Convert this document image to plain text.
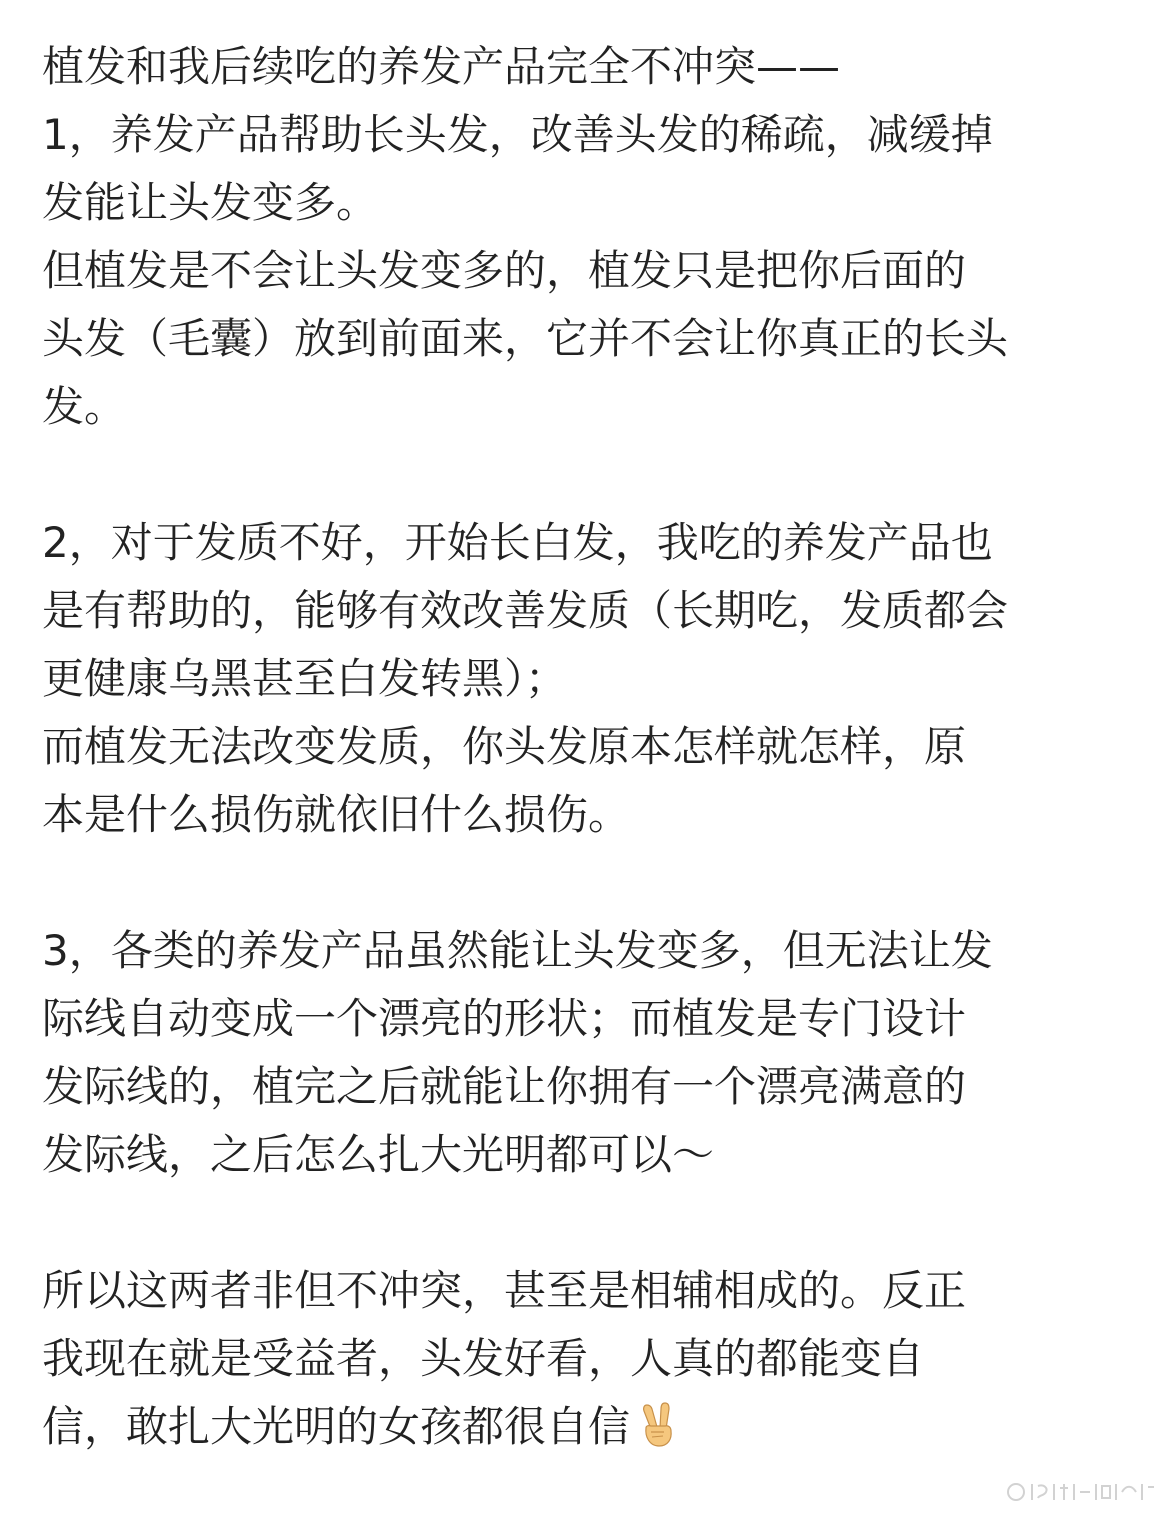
植发和我后续吃的养发产品完全不冲突——
1，养发产品帮助长头发，改善头发的稀疏，减缓掉
发能让头发变多。
但植发是不会让头发变多的，植发只是把你后面的
头发（毛囊）放到前面来，它并不会让你真正的长头
发。
2，对于发质不好，开始长白发，我吃的养发产品也
是有帮助的，能够有效改善发质（长期吃，发质都会
更健康乌黑甚至白发转黑）；
而植发无法改变发质，你头发原本怎样就怎样，原
本是什么损伤就依旧什么损伤。
3，各类的养发产品虽然能让头发变多，但无法让发
际线自动变成一个漂亮的形状；而植发是专门设计
发际线的，植完之后就能让你拥有一个漂亮满意的
发际线，之后怎么扎大光明都可以～
所以这两者非但不冲突，甚至是相辅相成的。反正
我现在就是受益者，头发好看，人真的都能变自
信，敢扎大光明的女孩都很自信
